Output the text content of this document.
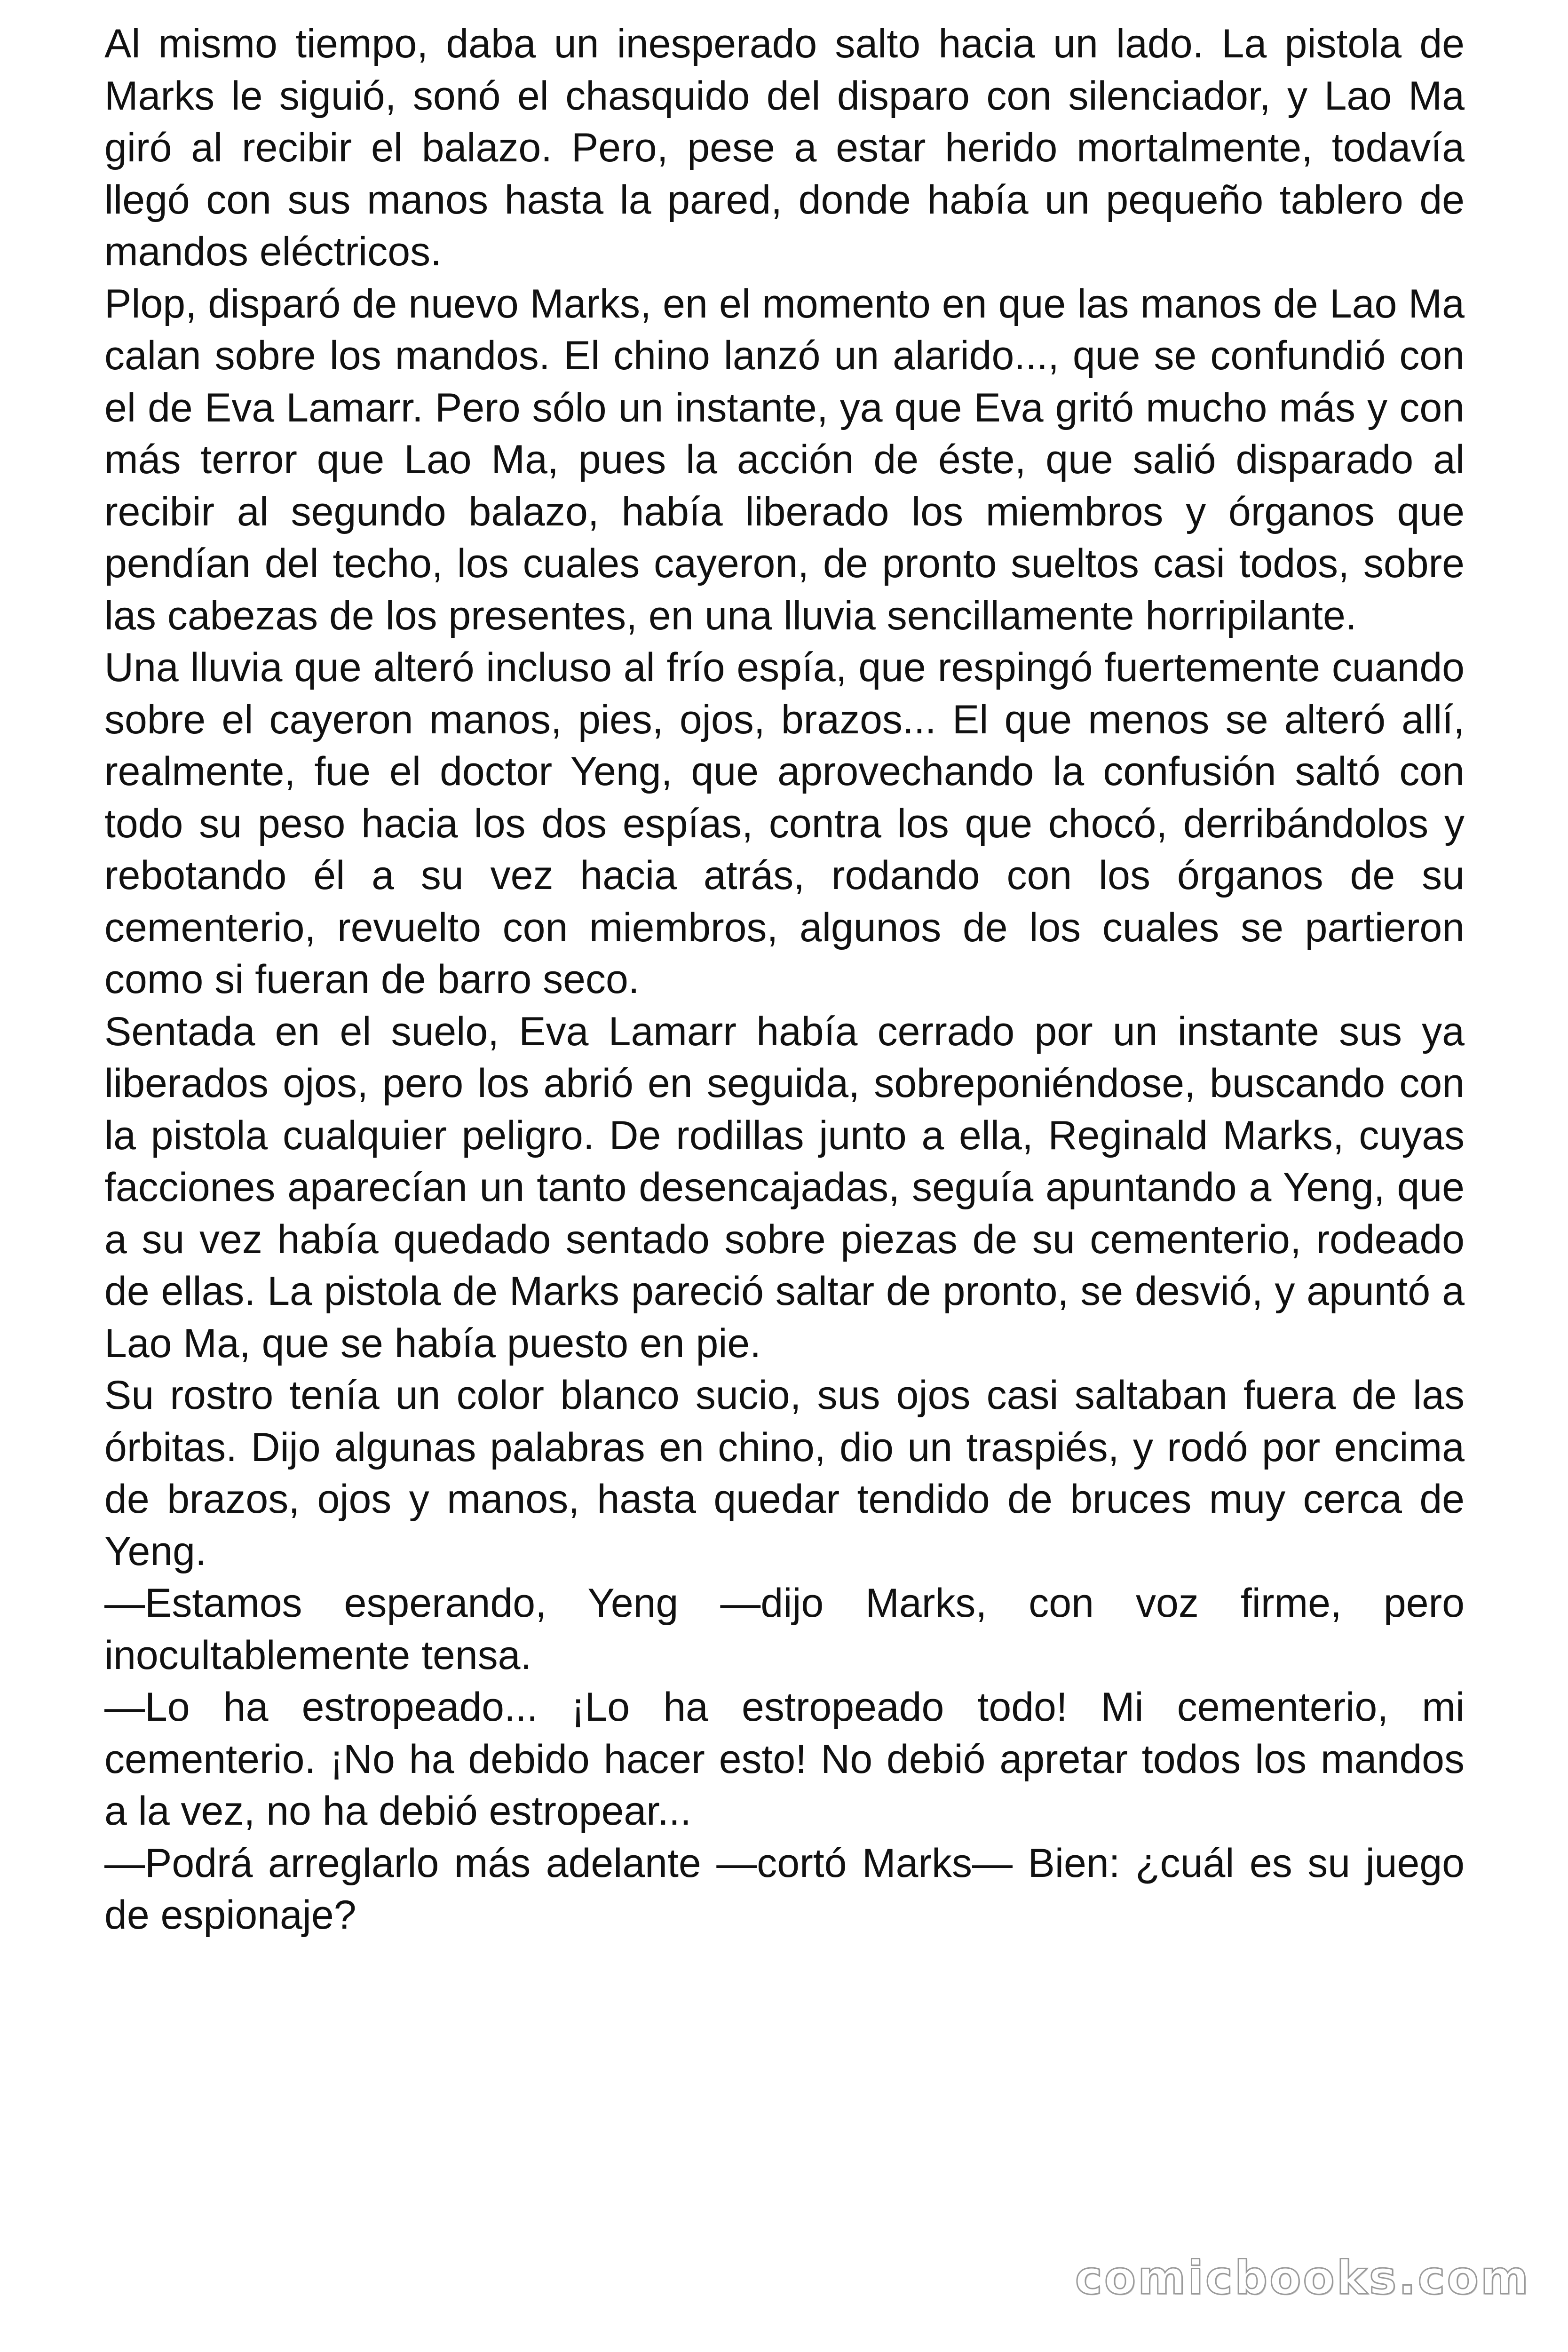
Al mismo tiempo, daba un inesperado salto hacia un lado. La pistola de Marks le siguió, sonó el chasquido del disparo con silenciador, y Lao Ma giró al recibir el balazo. Pero, pese a estar herido mortalmente, todavía llegó con sus manos hasta la pared, donde había un pequeño tablero de mandos eléctricos.

Plop, disparó de nuevo Marks, en el momento en que las manos de Lao Ma calan sobre los mandos. El chino lanzó un alarido..., que se confundió con el de Eva Lamarr. Pero sólo un instante, ya que Eva gritó mucho más y con más terror que Lao Ma, pues la acción de éste, que salió disparado al recibir al segundo balazo, había liberado los miembros y órganos que pendían del techo, los cuales cayeron, de pronto sueltos casi todos, sobre las cabezas de los presentes, en una lluvia sencillamente horripilante.

Una lluvia que alteró incluso al frío espía, que respingó fuertemente cuando sobre el cayeron manos, pies, ojos, brazos... El que menos se alteró allí, realmente, fue el doctor Yeng, que aprovechando la confusión saltó con todo su peso hacia los dos espías, contra los que chocó, derribándolos y rebotando él a su vez hacia atrás, rodando con los órganos de su cementerio, revuelto con miembros, algunos de los cuales se partieron como si fueran de barro seco.

Sentada en el suelo, Eva Lamarr había cerrado por un instante sus ya liberados ojos, pero los abrió en seguida, sobreponiéndose, buscando con la pistola cualquier peligro. De rodillas junto a ella, Reginald Marks, cuyas facciones aparecían un tanto desencajadas, seguía apuntando a Yeng, que a su vez había quedado sentado sobre piezas de su cementerio, rodeado de ellas. La pistola de Marks pareció saltar de pronto, se desvió, y apuntó a Lao Ma, que se había puesto en pie.

Su rostro tenía un color blanco sucio, sus ojos casi saltaban fuera de las órbitas. Dijo algunas palabras en chino, dio un traspiés, y rodó por encima de brazos, ojos y manos, hasta quedar tendido de bruces muy cerca de Yeng.

—Estamos esperando, Yeng —dijo Marks, con voz firme, pero inocultablemente tensa.

—Lo ha estropeado... ¡Lo ha estropeado todo! Mi cementerio, mi cementerio. ¡No ha debido hacer esto! No debió apretar todos los mandos a la vez, no ha debió estropear...

—Podrá arreglarlo más adelante —cortó Marks— Bien: ¿cuál es su juego de espionaje?

comicbooks.com
